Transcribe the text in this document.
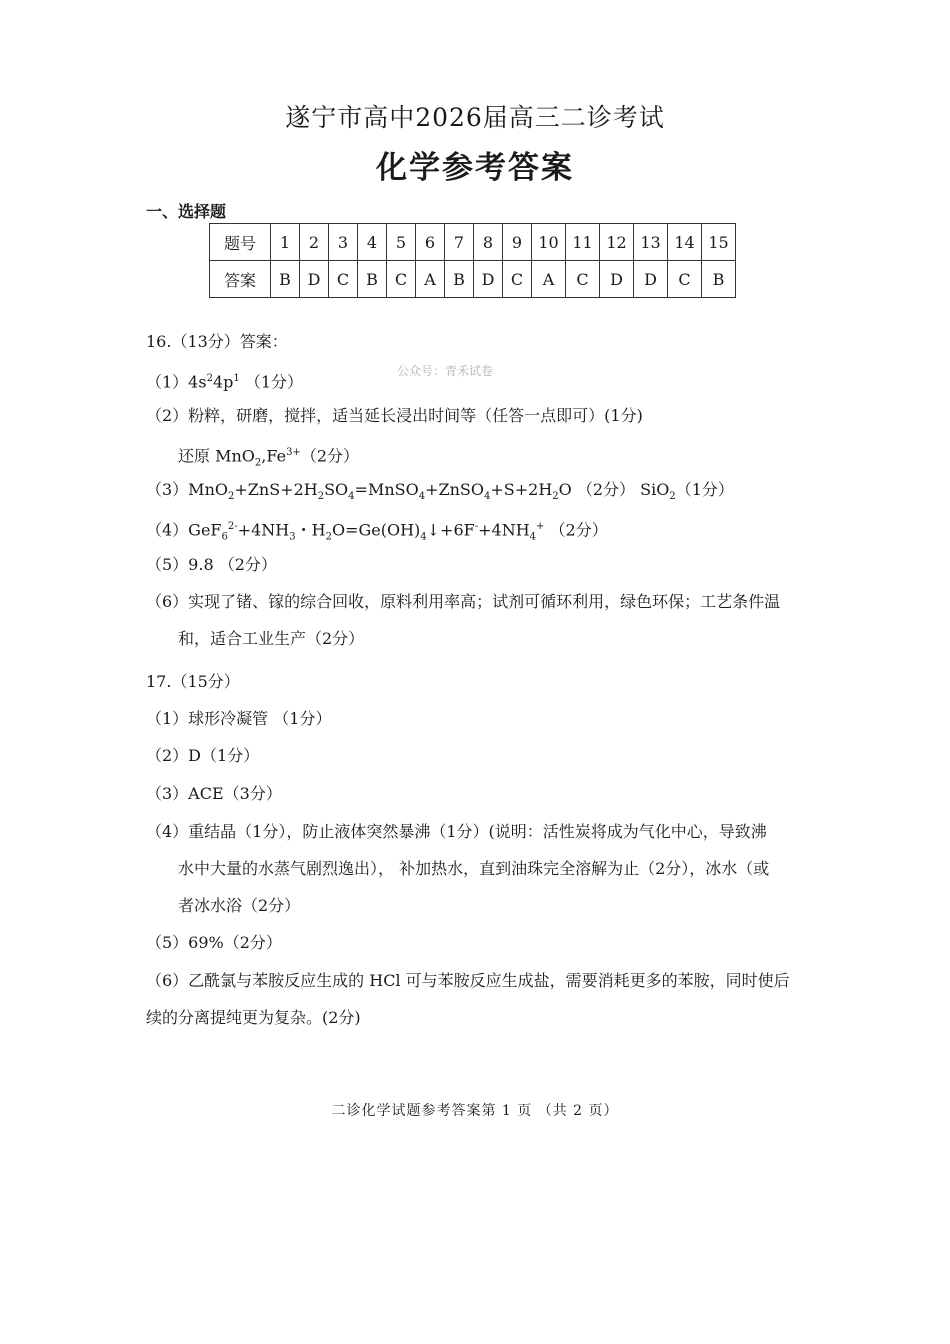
遂宁市高中2026届高三二诊考试
化学参考答案
一、选择题
题号	1	2	3	4	5	6	7	8	9	10	11	12	13	14	15
答案	B	D	C	B	C	A	B	D	C	A	C	D	D	C	B
公众号：青禾试卷
16.（13分）答案：
$(1)4s^24p^1$ （1分）
（2）粉粹，研磨，搅拌，适当延长浸出时间等（任答一点即可）(1分)
还原 $MnO_2,Fe^{3+}(2$分）
$(3)MnO_2+ZnS+2H_2SO_4=MnSO_4+ZnSO_4+S+2H_2O$ （2分） SiO$_2$（1分）
$(4)GeF_6^{2-}+4NH_3$・$H_2O=Ge(OH)_4↓+6F^-+4NH_4^+$ （2分）
（5）9.8 （2分）
（6）实现了锗、镓的综合回收，原料利用率高；试剂可循环利用，绿色环保；工艺条件温
和，适合工业生产（2分）
17.（15分）
（1）球形冷凝管 （1分）
（2）D（1分）
（3）ACE（3分）
（4）重结晶（1分），防止液体突然暴沸（1分）(说明：活性炭将成为气化中心，导致沸
水中大量的水蒸气剧烈逸出）， 补加热水，直到油珠完全溶解为止（2分），冰水（或
者冰水浴（2分）
（5）69%（2分）
（6）乙酰氯与苯胺反应生成的 HCl 可与苯胺反应生成盐，需要消耗更多的苯胺，同时使后
续的分离提纯更为复杂。(2分)
二诊化学试题参考答案第 1 页 （共 2 页）
